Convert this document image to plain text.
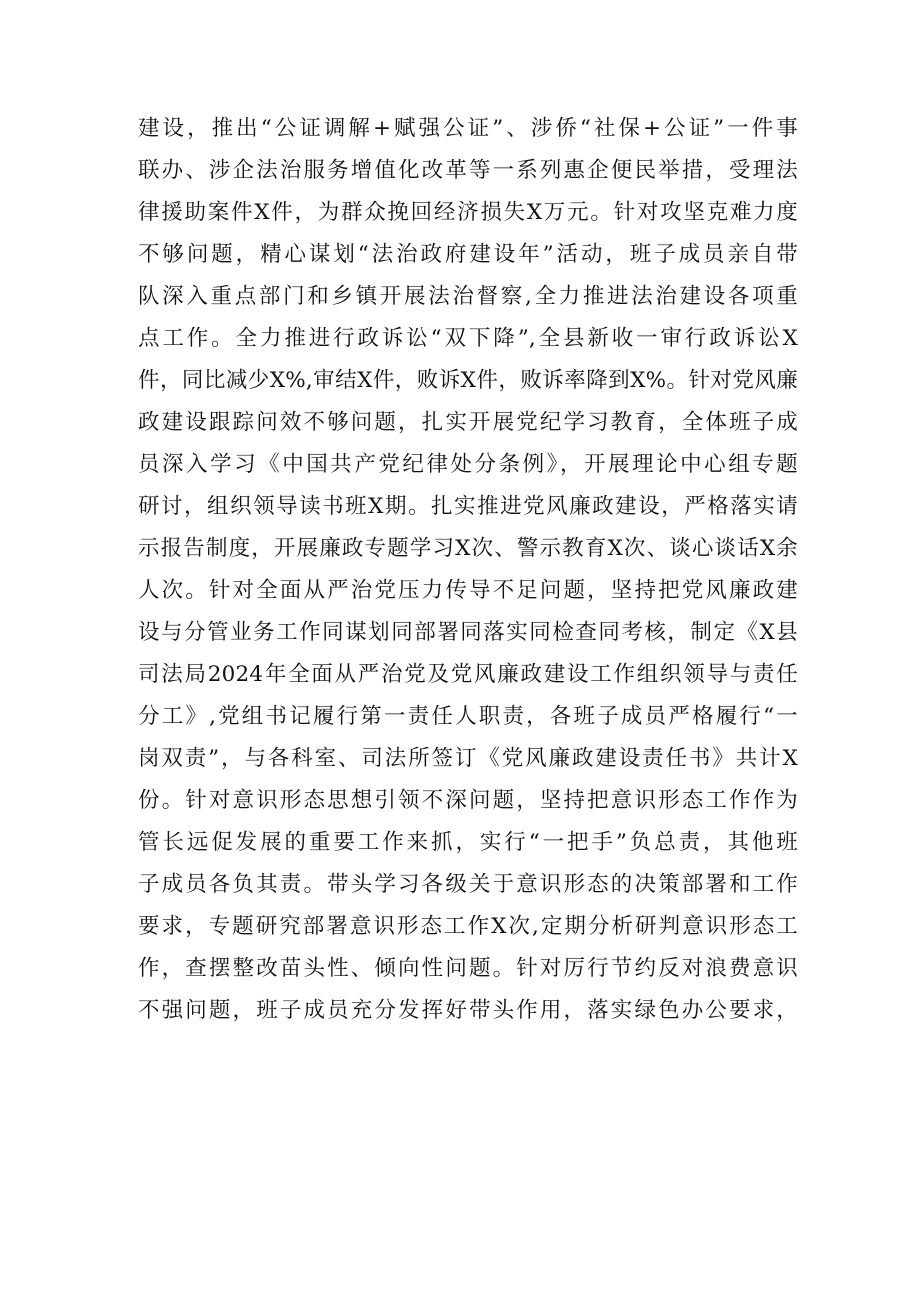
建设，推出“公证调解+赋强公证”、涉侨“社保+公证”一件事
联办、涉企法治服务增值化改革等一系列惠企便民举措，受理法
律援助案件X件，为群众挽回经济损失X万元。针对攻坚克难力度
不够问题，精心谋划“法治政府建设年”活动，班子成员亲自带
队深入重点部门和乡镇开展法治督察,全力推进法治建设各项重
点工作。全力推进行政诉讼“双下降”,全县新收一审行政诉讼X
件，同比减少X%,审结X件，败诉X件，败诉率降到X%。针对党风廉
政建设跟踪问效不够问题，扎实开展党纪学习教育，全体班子成
员深入学习《中国共产党纪律处分条例》，开展理论中心组专题
研讨，组织领导读书班X期。扎实推进党风廉政建设，严格落实请
示报告制度，开展廉政专题学习X次、警示教育X次、谈心谈话X余
人次。针对全面从严治党压力传导不足问题，坚持把党风廉政建
设与分管业务工作同谋划同部署同落实同检查同考核，制定《X县
司法局2024年全面从严治党及党风廉政建设工作组织领导与责任
分工》,党组书记履行第一责任人职责，各班子成员严格履行“一
岗双责”，与各科室、司法所签订《党风廉政建设责任书》共计X
份。针对意识形态思想引领不深问题，坚持把意识形态工作作为
管长远促发展的重要工作来抓，实行“一把手”负总责，其他班
子成员各负其责。带头学习各级关于意识形态的决策部署和工作
要求，专题研究部署意识形态工作X次,定期分析研判意识形态工
作，查摆整改苗头性、倾向性问题。针对厉行节约反对浪费意识
不强问题，班子成员充分发挥好带头作用，落实绿色办公要求，
